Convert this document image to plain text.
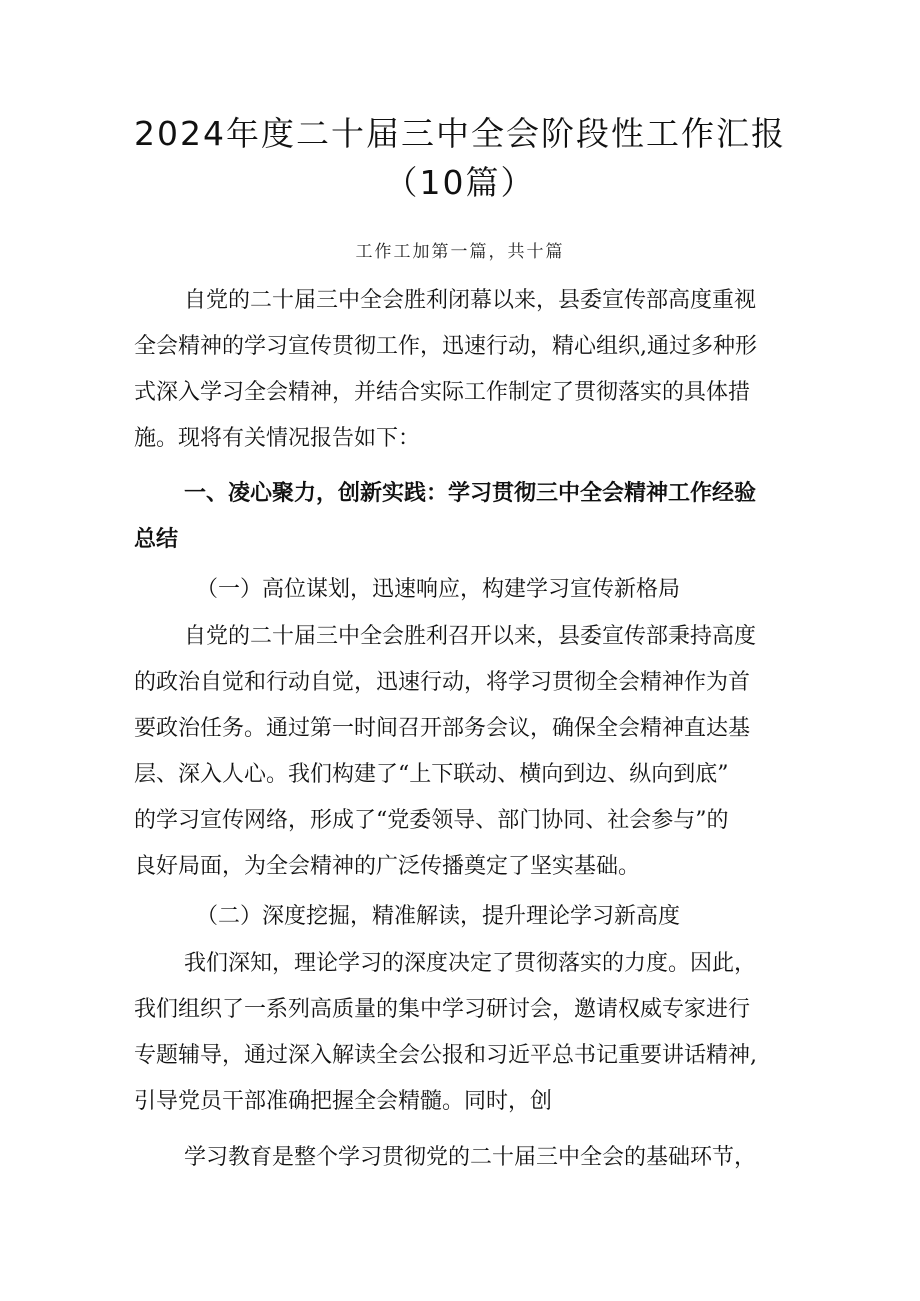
2024年度二十届三中全会阶段性工作汇报
（10篇）
工作工加第一篇，共十篇
自党的二十届三中全会胜利闭幕以来，县委宣传部高度重视
全会精神的学习宣传贯彻工作，迅速行动，精心组织,通过多种形
式深入学习全会精神，并结合实际工作制定了贯彻落实的具体措
施。现将有关情况报告如下：
一、凌心聚力，创新实践：学习贯彻三中全会精神工作经验
总结
（一）高位谋划，迅速响应，构建学习宣传新格局
自党的二十届三中全会胜利召开以来，县委宣传部秉持高度
的政治自觉和行动自觉，迅速行动，将学习贯彻全会精神作为首
要政治任务。通过第一时间召开部务会议，确保全会精神直达基
层、深入人心。我们构建了“上下联动、横向到边、纵向到底”
的学习宣传网络，形成了“党委领导、部门协同、社会参与”的
良好局面，为全会精神的广泛传播奠定了坚实基础。
（二）深度挖掘，精准解读，提升理论学习新高度
我们深知，理论学习的深度决定了贯彻落实的力度。因此，
我们组织了一系列高质量的集中学习研讨会，邀请权威专家进行
专题辅导，通过深入解读全会公报和习近平总书记重要讲话精神,
引导党员干部准确把握全会精髓。同时，创
学习教育是整个学习贯彻党的二十届三中全会的基础环节，
